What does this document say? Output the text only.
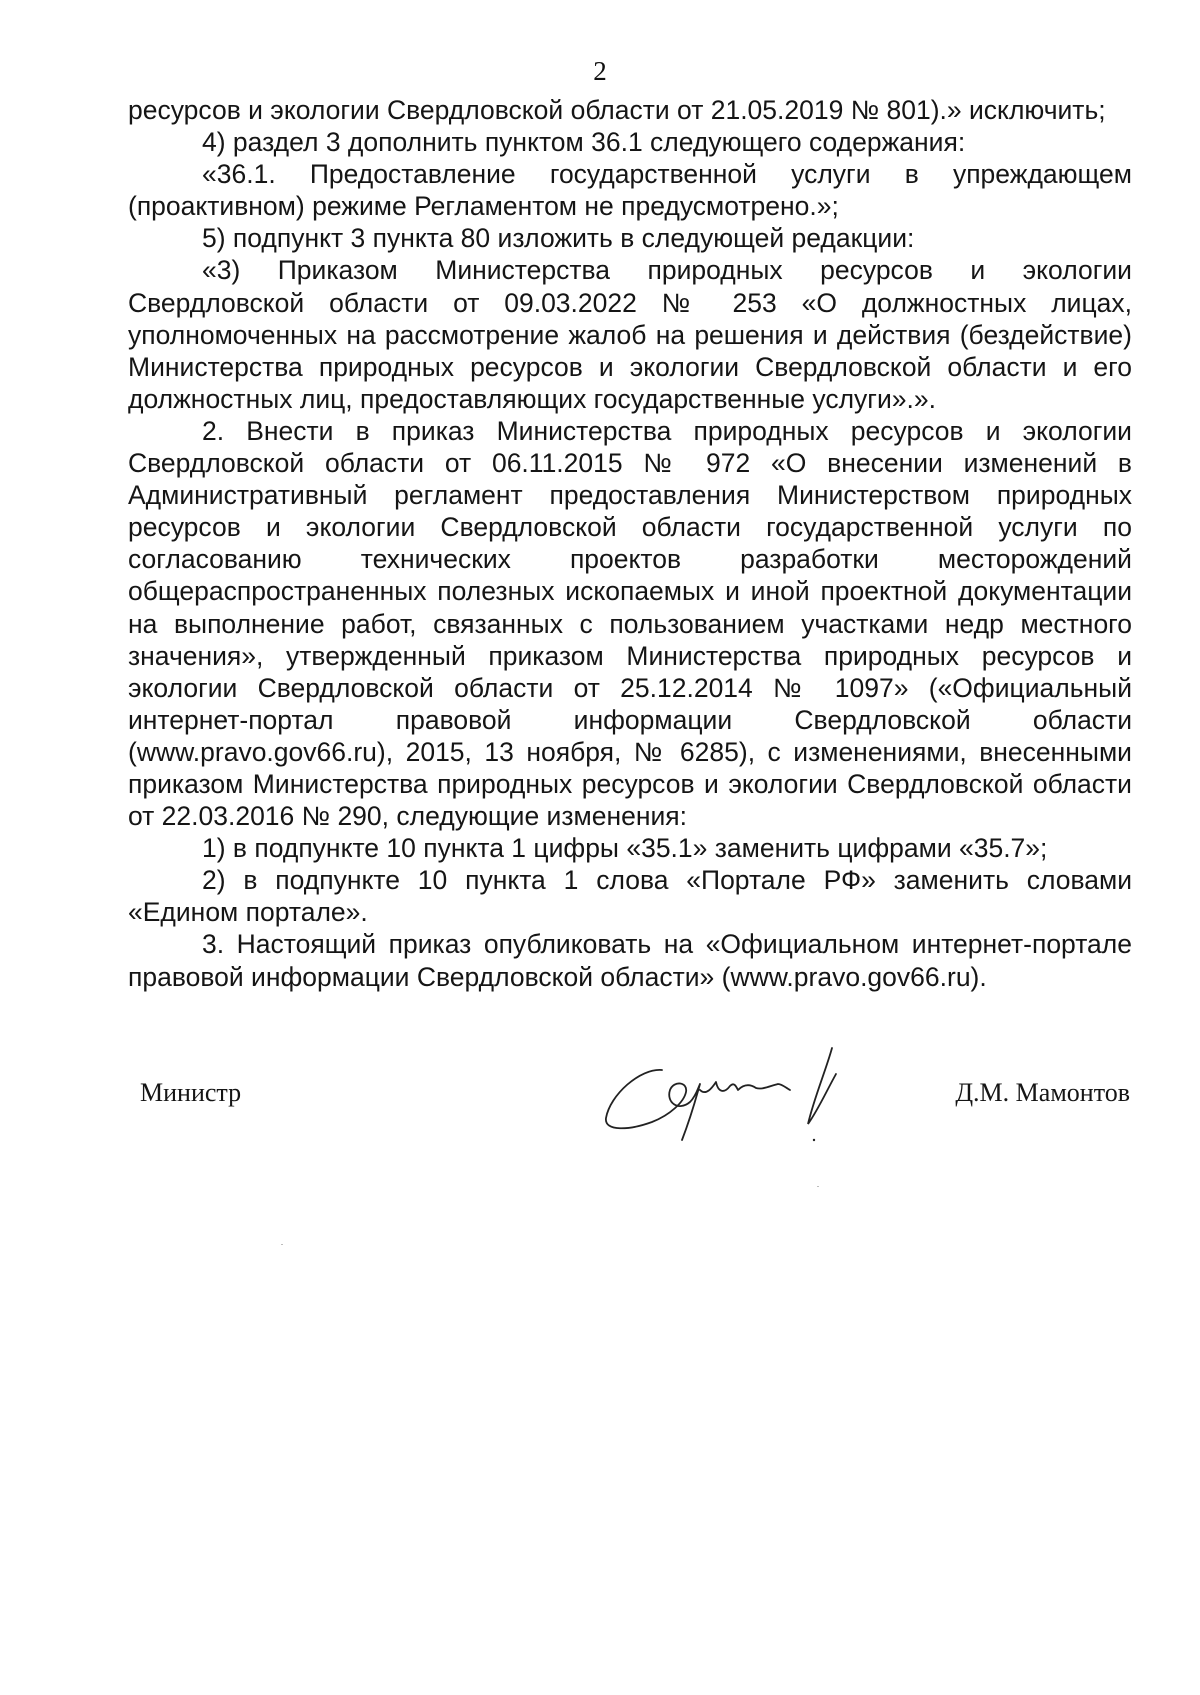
2

ресурсов и экологии Свердловской области от 21.05.2019 № 801).» исключить;

4) раздел 3 дополнить пунктом 36.1 следующего содержания:

«36.1. Предоставление государственной услуги в упреждающем (проактивном) режиме Регламентом не предусмотрено.»;

5) подпункт 3 пункта 80 изложить в следующей редакции:

«3) Приказом Министерства природных ресурсов и экологии Свердловской области от 09.03.2022 № 253 «О должностных лицах, уполномоченных на рассмотрение жалоб на решения и действия (бездействие) Министерства природных ресурсов и экологии Свердловской области и его должностных лиц, предоставляющих государственные услуги».».

2. Внести в приказ Министерства природных ресурсов и экологии Свердловской области от 06.11.2015 № 972 «О внесении изменений в Административный регламент предоставления Министерством природных ресурсов и экологии Свердловской области государственной услуги по согласованию технических проектов разработки месторождений общераспространенных полезных ископаемых и иной проектной документации на выполнение работ, связанных с пользованием участками недр местного значения», утвержденный приказом Министерства природных ресурсов и экологии Свердловской области от 25.12.2014 № 1097» («Официальный интернет-портал правовой информации Свердловской области (www.pravo.gov66.ru), 2015, 13 ноября, № 6285), с изменениями, внесенными приказом Министерства природных ресурсов и экологии Свердловской области от 22.03.2016 № 290, следующие изменения:

1) в подпункте 10 пункта 1 цифры «35.1» заменить цифрами «35.7»;

2) в подпункте 10 пункта 1 слова «Портале РФ» заменить словами «Едином портале».

3. Настоящий приказ опубликовать на «Официальном интернет-портале правовой информации Свердловской области» (www.pravo.gov66.ru).

Министр	Д.М. Мамонтов
